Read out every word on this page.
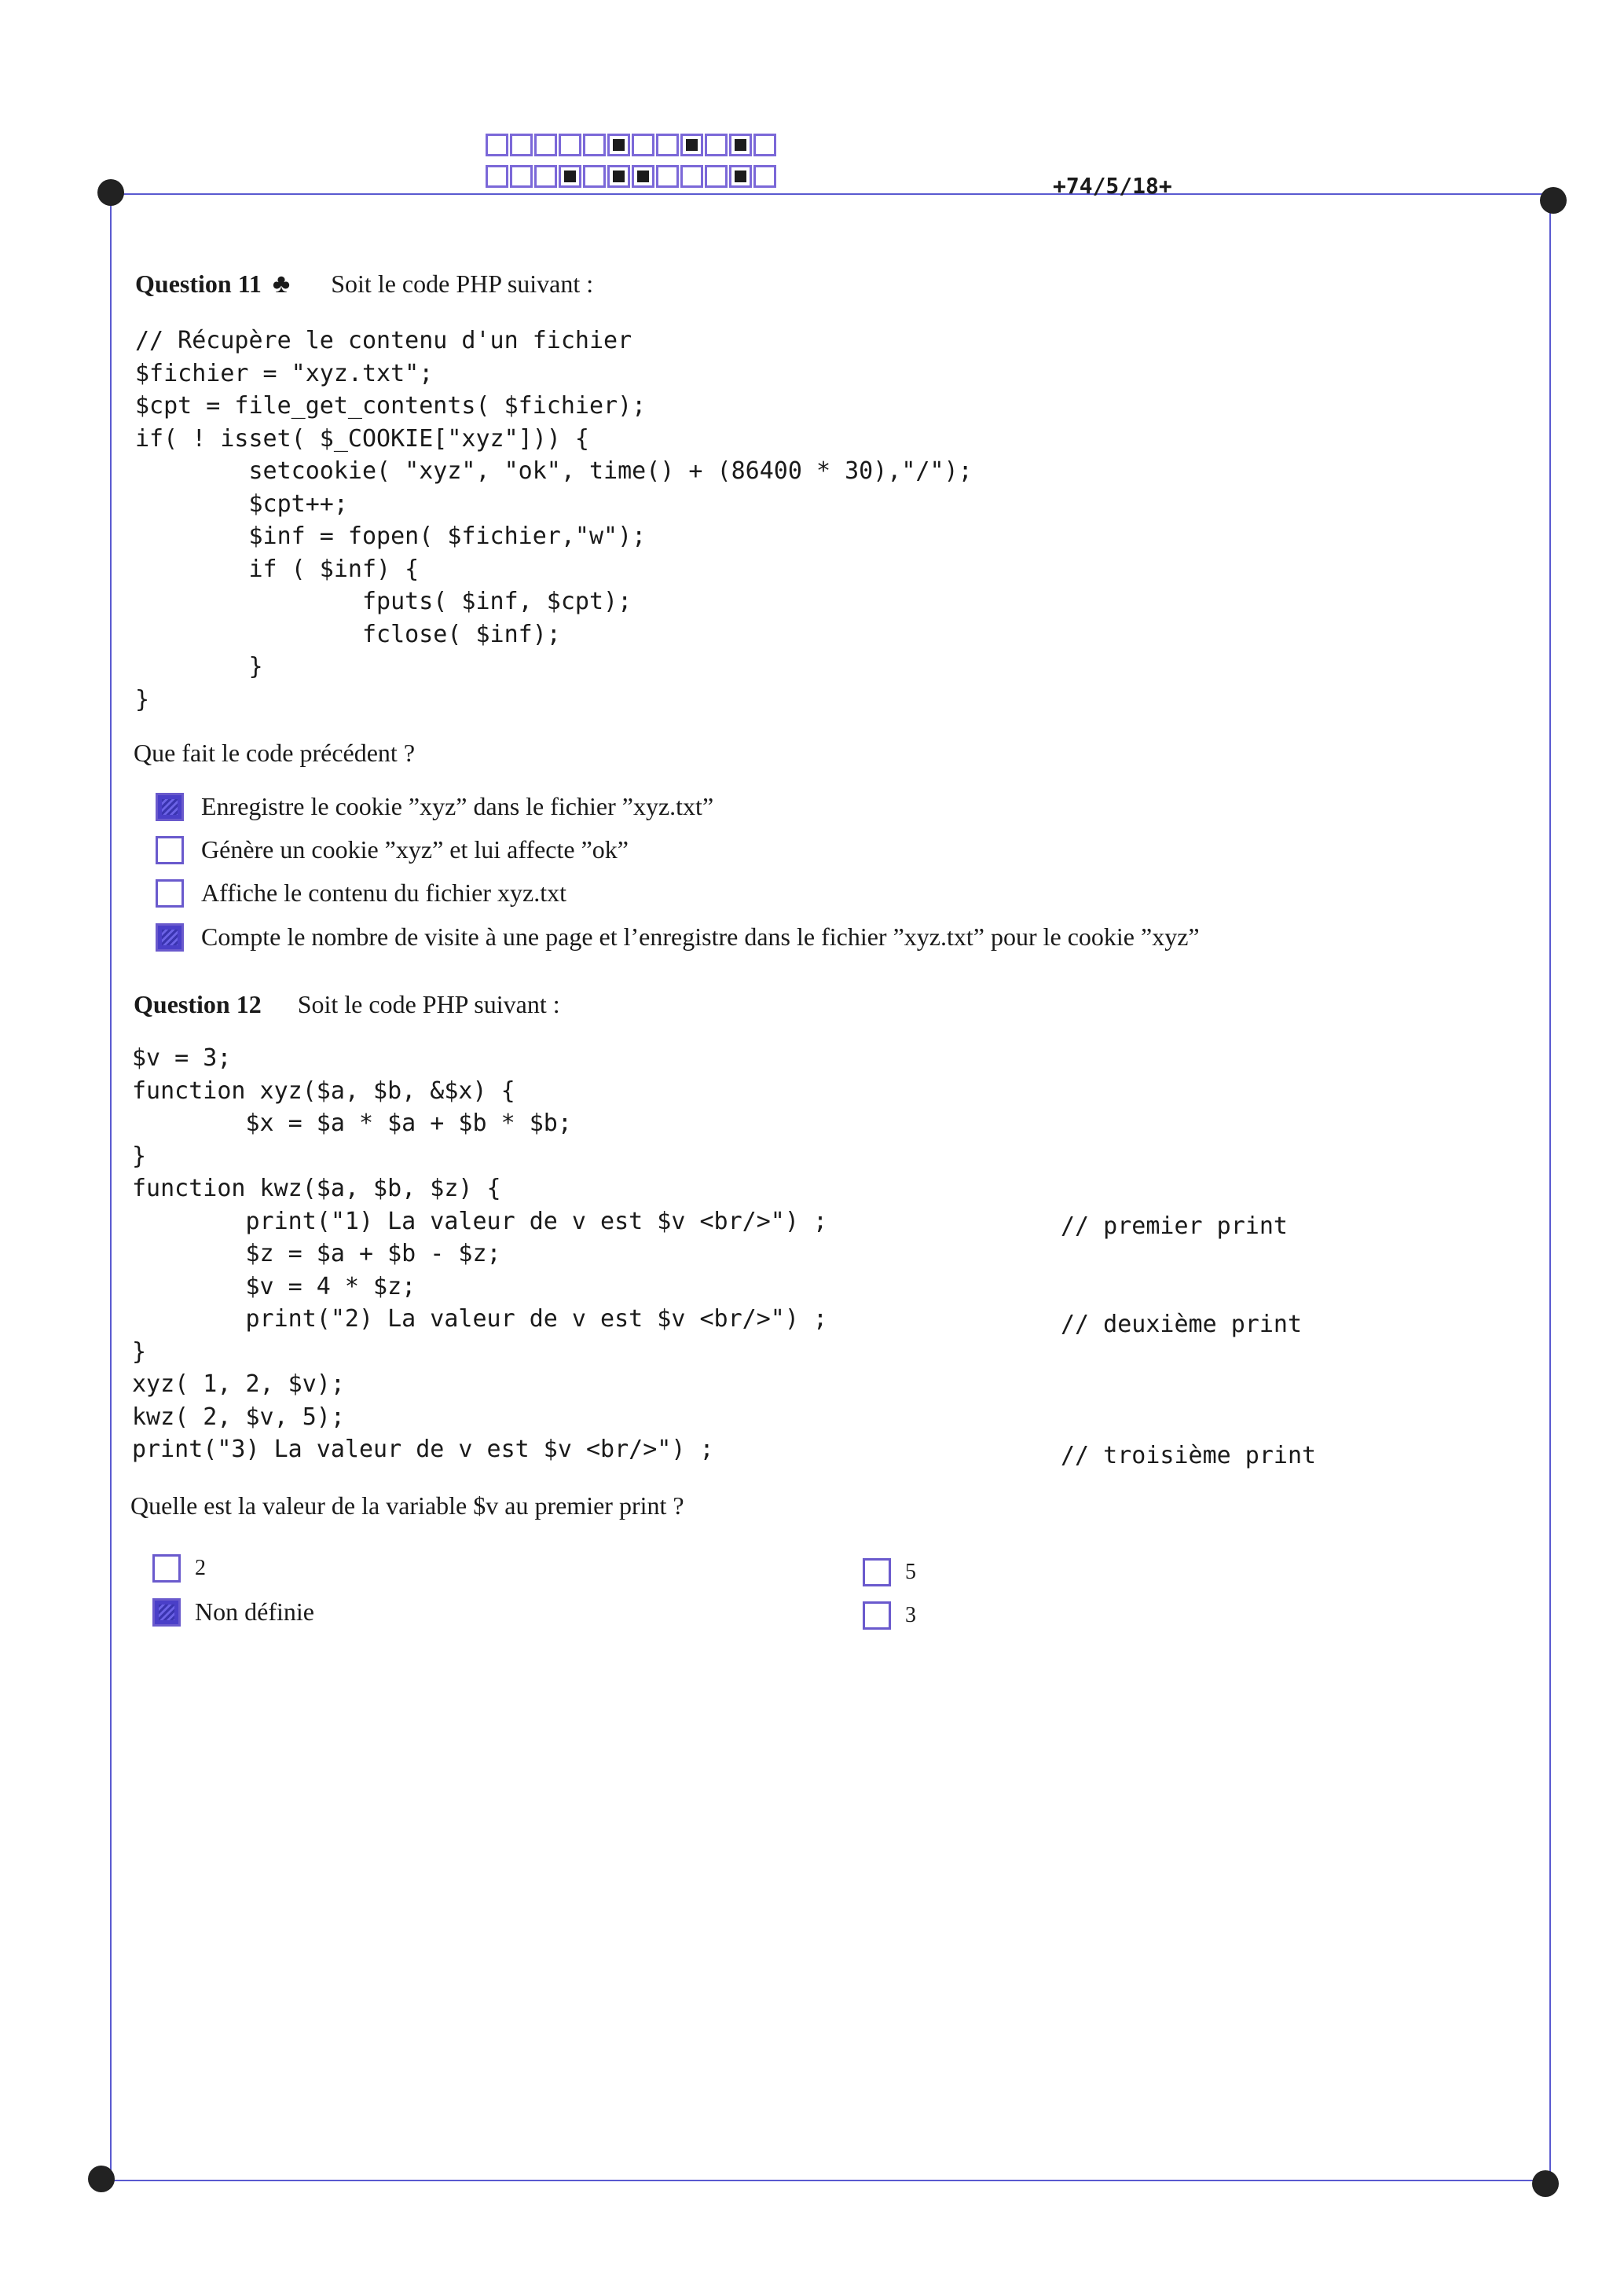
+74/5/18+
Question 11 ♣ Soit le code PHP suivant :
// Récupère le contenu d'un fichier
$fichier = "xyz.txt";
$cpt = file_get_contents( $fichier);
if( ! isset( $_COOKIE["xyz"])) {
setcookie( "xyz", "ok", time() + (86400 * 30),"/");
$cpt++;
$inf = fopen( $fichier,"w");
if ( $inf) {
fputs( $inf, $cpt);
fclose( $inf);
}
}
Que fait le code précédent ?
Enregistre le cookie ”xyz” dans le fichier ”xyz.txt”
Génère un cookie ”xyz” et lui affecte ”ok”
Affiche le contenu du fichier xyz.txt
Compte le nombre de visite à une page et l’enregistre dans le fichier ”xyz.txt” pour le cookie ”xyz”
Question 12 Soit le code PHP suivant :
$v = 3;
function xyz($a, $b, &$x) {
$x = $a * $a + $b * $b;
}
function kwz($a, $b, $z) {
print("1) La valeur de v est $v <br/>") ;
$z = $a + $b - $z;
$v = 4 * $z;
print("2) La valeur de v est $v <br/>") ;
}
xyz( 1, 2, $v);
kwz( 2, $v, 5);
print("3) La valeur de v est $v <br/>") ;
// premier print
// deuxième print
// troisième print
Quelle est la valeur de la variable $v au premier print ?
2	5
Non définie	3
